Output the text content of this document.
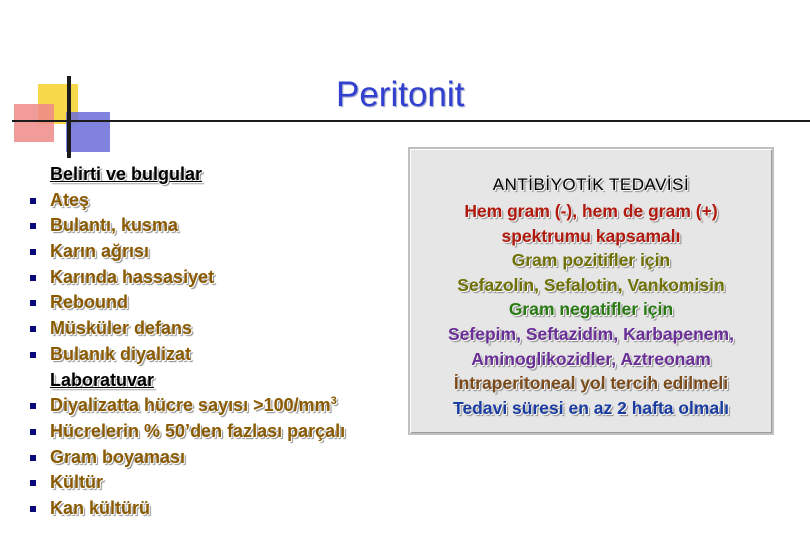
Peritonit
Belirti ve bulgular
Ateş
Bulantı, kusma
Karın ağrısı
Karında hassasiyet
Rebound
Müsküler defans
Bulanık diyalizat
Laboratuvar
Diyalizatta hücre sayısı $>100/mm^3$
Hücrelerin % 50’den fazlası parçalı
Gram boyaması
Kültür
Kan kültürü
ANTİBİYOTİK TEDAVİSİ
Hem gram (-), hem de gram (+)
spektrumu kapsamalı
Gram pozitifler için
Sefazolin, Sefalotin, Vankomisin
Gram negatifler için
Sefepim, Seftazidim, Karbapenem,
Aminoglikozidler, Aztreonam
İntraperitoneal yol tercih edilmeli
Tedavi süresi en az 2 hafta olmalı
